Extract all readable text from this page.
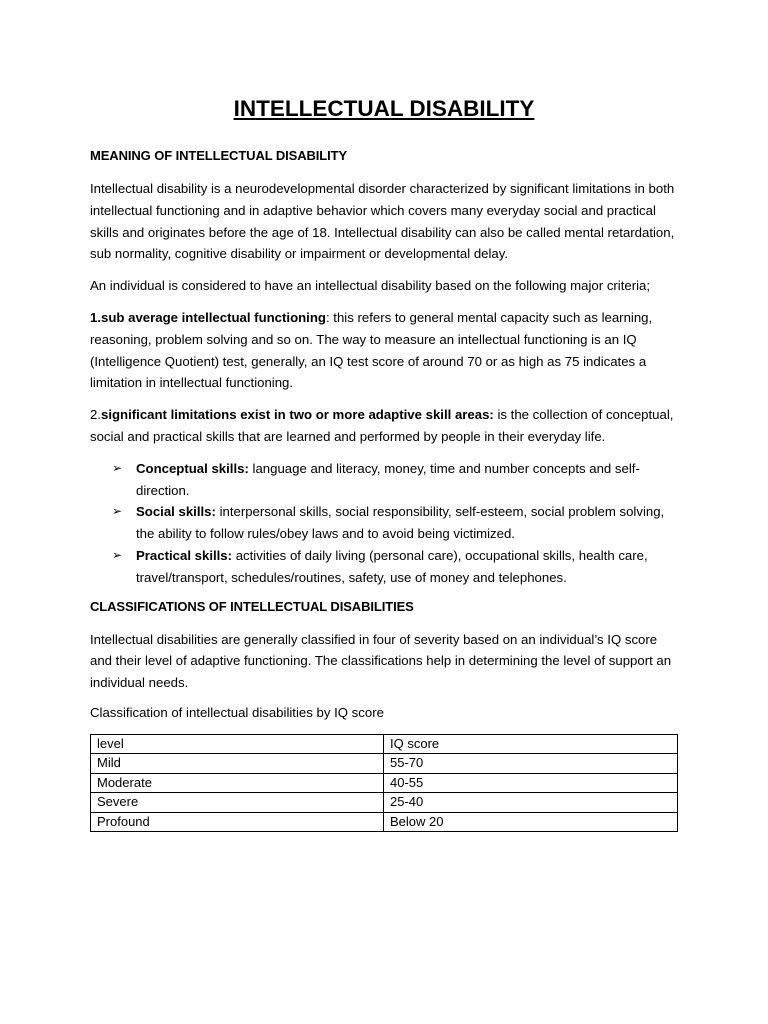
INTELLECTUAL DISABILITY
MEANING OF INTELLECTUAL DISABILITY

Intellectual disability is a neurodevelopmental disorder characterized by significant limitations in both intellectual functioning and in adaptive behavior which covers many everyday social and practical skills and originates before the age of 18. Intellectual disability can also be called mental retardation, sub normality, cognitive disability or impairment or developmental delay.

An individual is considered to have an intellectual disability based on the following major criteria;

1.sub average intellectual functioning: this refers to general mental capacity such as learning, reasoning, problem solving and so on. The way to measure an intellectual functioning is an IQ (Intelligence Quotient) test, generally, an IQ test score of around 70 or as high as 75 indicates a limitation in intellectual functioning.

2.significant limitations exist in two or more adaptive skill areas: is the collection of conceptual, social and practical skills that are learned and performed by people in their everyday life.

➢ Conceptual skills: language and literacy, money, time and number concepts and self-direction.
➢ Social skills: interpersonal skills, social responsibility, self-esteem, social problem solving, the ability to follow rules/obey laws and to avoid being victimized.
➢ Practical skills: activities of daily living (personal care), occupational skills, health care, travel/transport, schedules/routines, safety, use of money and telephones.
CLASSIFICATIONS OF INTELLECTUAL DISABILITIES

Intellectual disabilities are generally classified in four of severity based on an individual’s IQ score and their level of adaptive functioning. The classifications help in determining the level of support an individual needs.

Classification of intellectual disabilities by IQ score
level	IQ score
Mild	55-70
Moderate	40-55
Severe	25-40
Profound	Below 20
